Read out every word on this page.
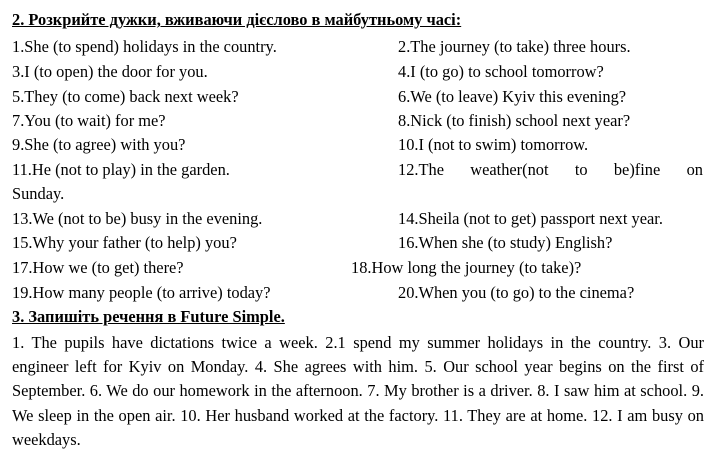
2. Розкрийте дужки, вживаючи дієслово в майбутньому часі:
1.She (to spend) holidays in the country.	2.The journey (to take) three hours.
3.I (to open) the door for you.	4.I (to go) to school tomorrow?
5.They (to come) back next week?	6.We (to leave) Kyiv this evening?
7.You (to wait) for me?	8.Nick (to finish) school next year?
9.She (to agree) with you?	10.I (not to swim) tomorrow.
11.He (not to play) in the garden.	12.The weather(not to be)fine on
Sunday.
13.We (not to be) busy in the evening.	14.Sheila (not to get) passport next year.
15.Why your father (to help) you?	16.When she (to study) English?
17.How we (to get) there?	18.How long the journey (to take)?
19.How many people (to arrive) today?	20.When you (to go) to the cinema?
3. Запишіть речення в Future Simple.
1. The pupils have dictations twice a week. 2.1 spend my summer holidays in the country. 3. Our engineer left for Kyiv on Monday. 4. She agrees with him. 5. Our school year begins on the first of September. 6. We do our homework in the afternoon. 7. My brother is a driver. 8. I saw him at school. 9. We sleep in the open air. 10. Her husband worked at the factory. 11. They are at home. 12. I am busy on weekdays.
